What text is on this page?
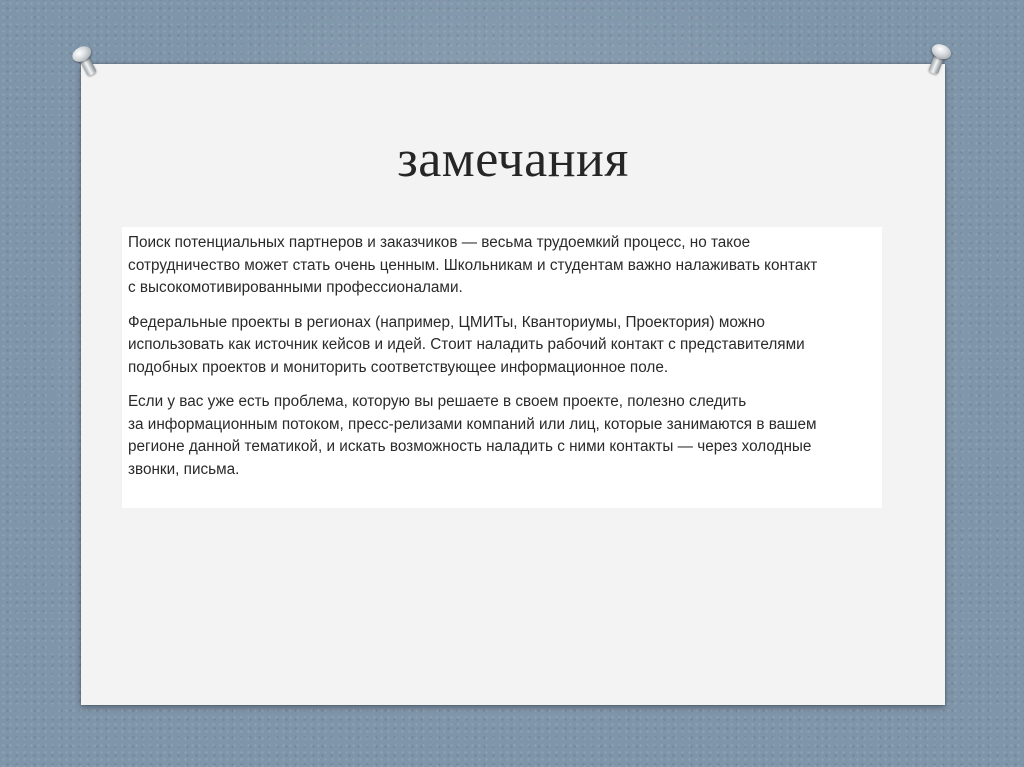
замечания

Поиск потенциальных партнеров и заказчиков — весьма трудоемкий процесс, но такое
сотрудничество может стать очень ценным. Школьникам и студентам важно налаживать контакт
с высокомотивированными профессионалами.

Федеральные проекты в регионах (например, ЦМИТы, Кванториумы, Проектория) можно
использовать как источник кейсов и идей. Стоит наладить рабочий контакт с представителями
подобных проектов и мониторить соответствующее информационное поле.

Если у вас уже есть проблема, которую вы решаете в своем проекте, полезно следить
за информационным потоком, пресс-релизами компаний или лиц, которые занимаются в вашем
регионе данной тематикой, и искать возможность наладить с ними контакты — через холодные
звонки, письма.
